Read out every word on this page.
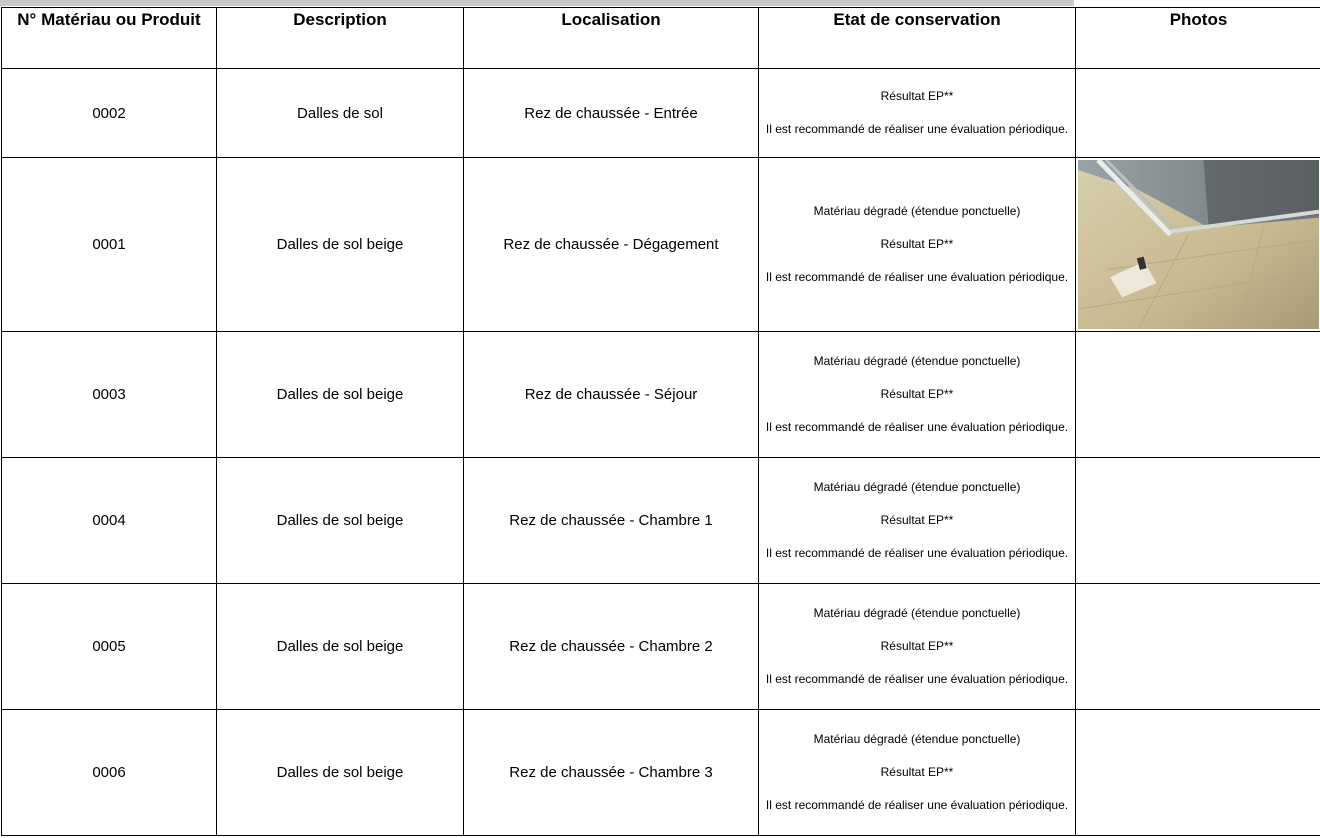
N° Matériau ou Produit	Description	Localisation	Etat de conservation	Photos
0002	Dalles de sol	Rez de chaussée - Entrée	Résultat EP**
Il est recommandé de réaliser une évaluation périodique.	

0001	Dalles de sol beige	Rez de chaussée - Dégagement	Matériau dégradé (étendue ponctuelle)
Résultat EP**
Il est recommandé de réaliser une évaluation périodique.

0003	Dalles de sol beige	Rez de chaussée - Séjour	Matériau dégradé (étendue ponctuelle)
Résultat EP**
Il est recommandé de réaliser une évaluation périodique.	

0004	Dalles de sol beige	Rez de chaussée - Chambre 1	Matériau dégradé (étendue ponctuelle)
Résultat EP**
Il est recommandé de réaliser une évaluation périodique.	

0005	Dalles de sol beige	Rez de chaussée - Chambre 2	Matériau dégradé (étendue ponctuelle)
Résultat EP**
Il est recommandé de réaliser une évaluation périodique.	

0006	Dalles de sol beige	Rez de chaussée - Chambre 3	Matériau dégradé (étendue ponctuelle)
Résultat EP**
Il est recommandé de réaliser une évaluation périodique.	
